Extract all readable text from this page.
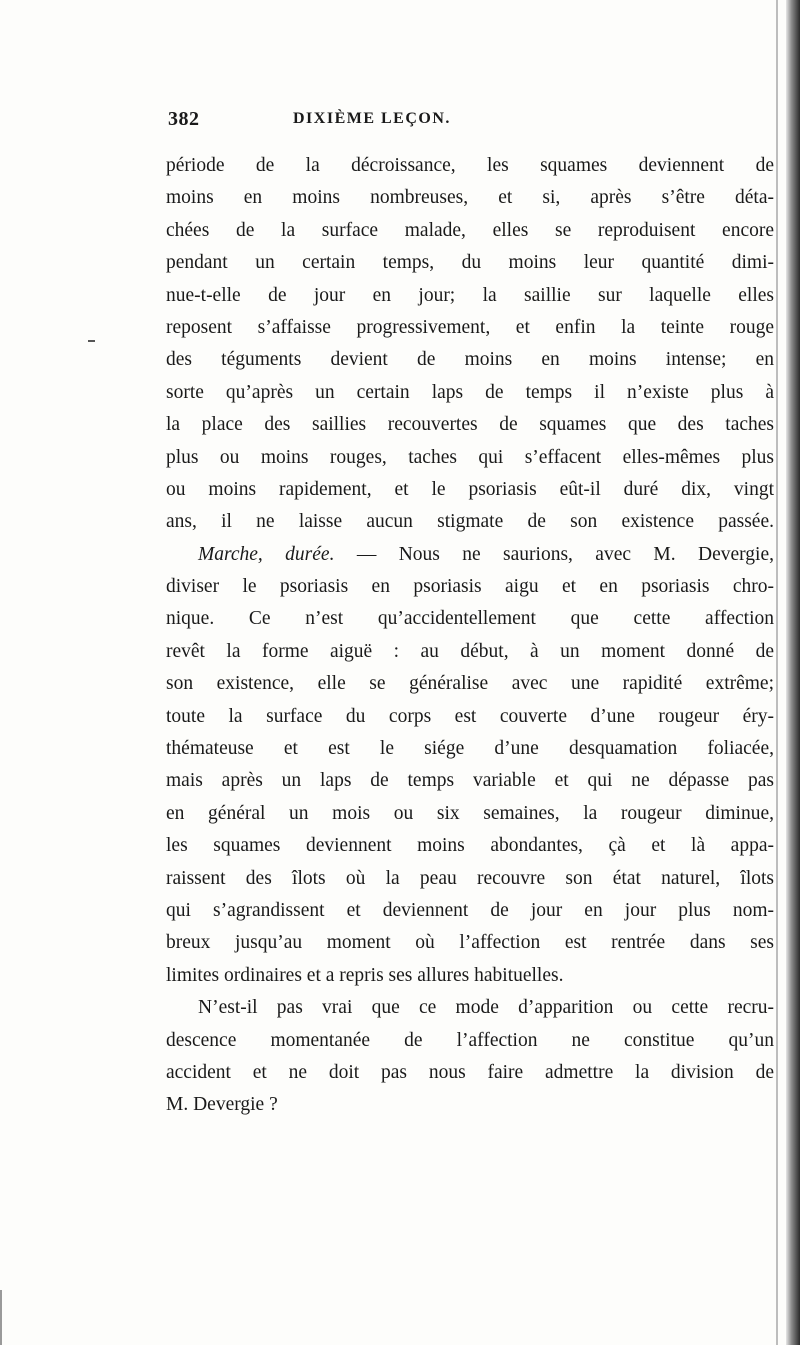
382	DIXIÈME LEÇON.
période de la décroissance, les squames deviennent de
moins en moins nombreuses, et si, après s’être déta-
chées de la surface malade, elles se reproduisent encore
pendant un certain temps, du moins leur quantité dimi-
nue-t-elle de jour en jour; la saillie sur laquelle elles
reposent s’affaisse progressivement, et enfin la teinte rouge
des téguments devient de moins en moins intense; en
sorte qu’après un certain laps de temps il n’existe plus à
la place des saillies recouvertes de squames que des taches
plus ou moins rouges, taches qui s’effacent elles-mêmes plus
ou moins rapidement, et le psoriasis eût-il duré dix, vingt
ans, il ne laisse aucun stigmate de son existence passée.
Marche, durée. — Nous ne saurions, avec M. Devergie,
diviser le psoriasis en psoriasis aigu et en psoriasis chro-
nique. Ce n’est qu’accidentellement que cette affection
revêt la forme aiguë : au début, à un moment donné de
son existence, elle se généralise avec une rapidité extrême;
toute la surface du corps est couverte d’une rougeur éry-
thémateuse et est le siége d’une desquamation foliacée,
mais après un laps de temps variable et qui ne dépasse pas
en général un mois ou six semaines, la rougeur diminue,
les squames deviennent moins abondantes, çà et là appa-
raissent des îlots où la peau recouvre son état naturel, îlots
qui s’agrandissent et deviennent de jour en jour plus nom-
breux jusqu’au moment où l’affection est rentrée dans ses
limites ordinaires et a repris ses allures habituelles.
N’est-il pas vrai que ce mode d’apparition ou cette recru-
descence momentanée de l’affection ne constitue qu’un
accident et ne doit pas nous faire admettre la division de
M. Devergie ?
